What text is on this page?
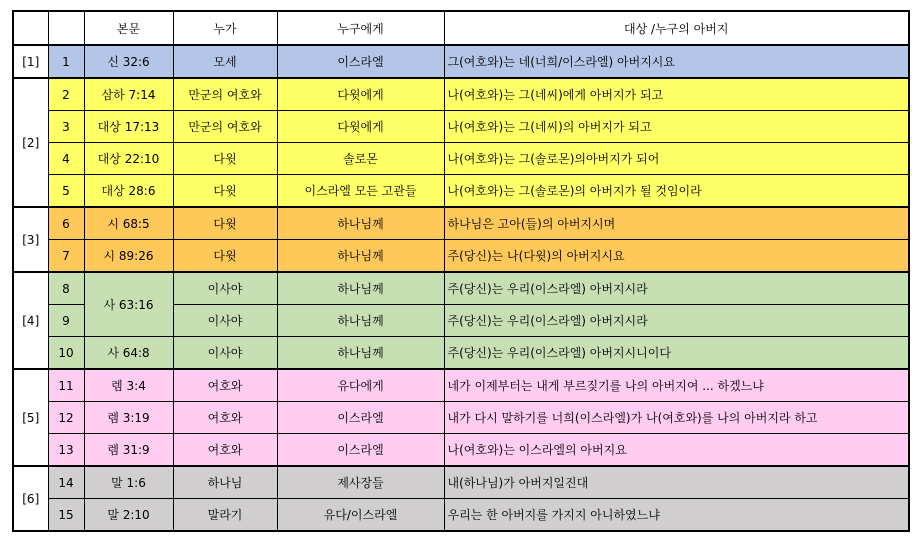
		본문	누가	누구에게	대상 /누구의 아버지
[1]	1	신 32:6	모세	이스라엘	그(여호와)는 네(너희/이스라엘) 아버지시요
[2]	2	삼하 7:14	만군의 여호와	다윗에게	나(여호와)는 그(네씨)에게 아버지가 되고
	3	대상 17:13	만군의 여호와	다윗에게	나(여호와)는 그(네씨)의 아버지가 되고
	4	대상 22:10	다윗	솔로몬	나(여호와)는 그(솔로몬)의아버지가 되어
	5	대상 28:6	다윗	이스라엘 모든 고관들	나(여호와)는 그(솔로몬)의 아버지가 될 것임이라
[3]	6	시 68:5	다윗	하나님께	하나님은 고아(들)의 아버지시며
	7	시 89:26	다윗	하나님께	주(당신)는 나(다윗)의 아버지시요
[4]	8	사 63:16	이사야	하나님께	주(당신)는 우리(이스라엘) 아버지시라
	9		이사야	하나님께	주(당신)는 우리(이스라엘) 아버지시라
	10	사 64:8	이사야	하나님께	주(당신)는 우리(이스라엘) 아버지시니이다
[5]	11	렘 3:4	여호와	유다에게	네가 이제부터는 내게 부르짖기를 나의 아버지여 ... 하겠느냐
	12	렘 3:19	여호와	이스라엘	내가 다시 말하기를 너희(이스라엘)가 나(여호와)를 나의 아버지라 하고
	13	렘 31:9	여호와	이스라엘	나(여호와)는 이스라엘의 아버지요
[6]	14	말 1:6	하나님	제사장들	내(하나님)가 아버지일진대
	15	말 2:10	말라기	유다/이스라엘	우리는 한 아버지를 가지지 아니하였느냐
